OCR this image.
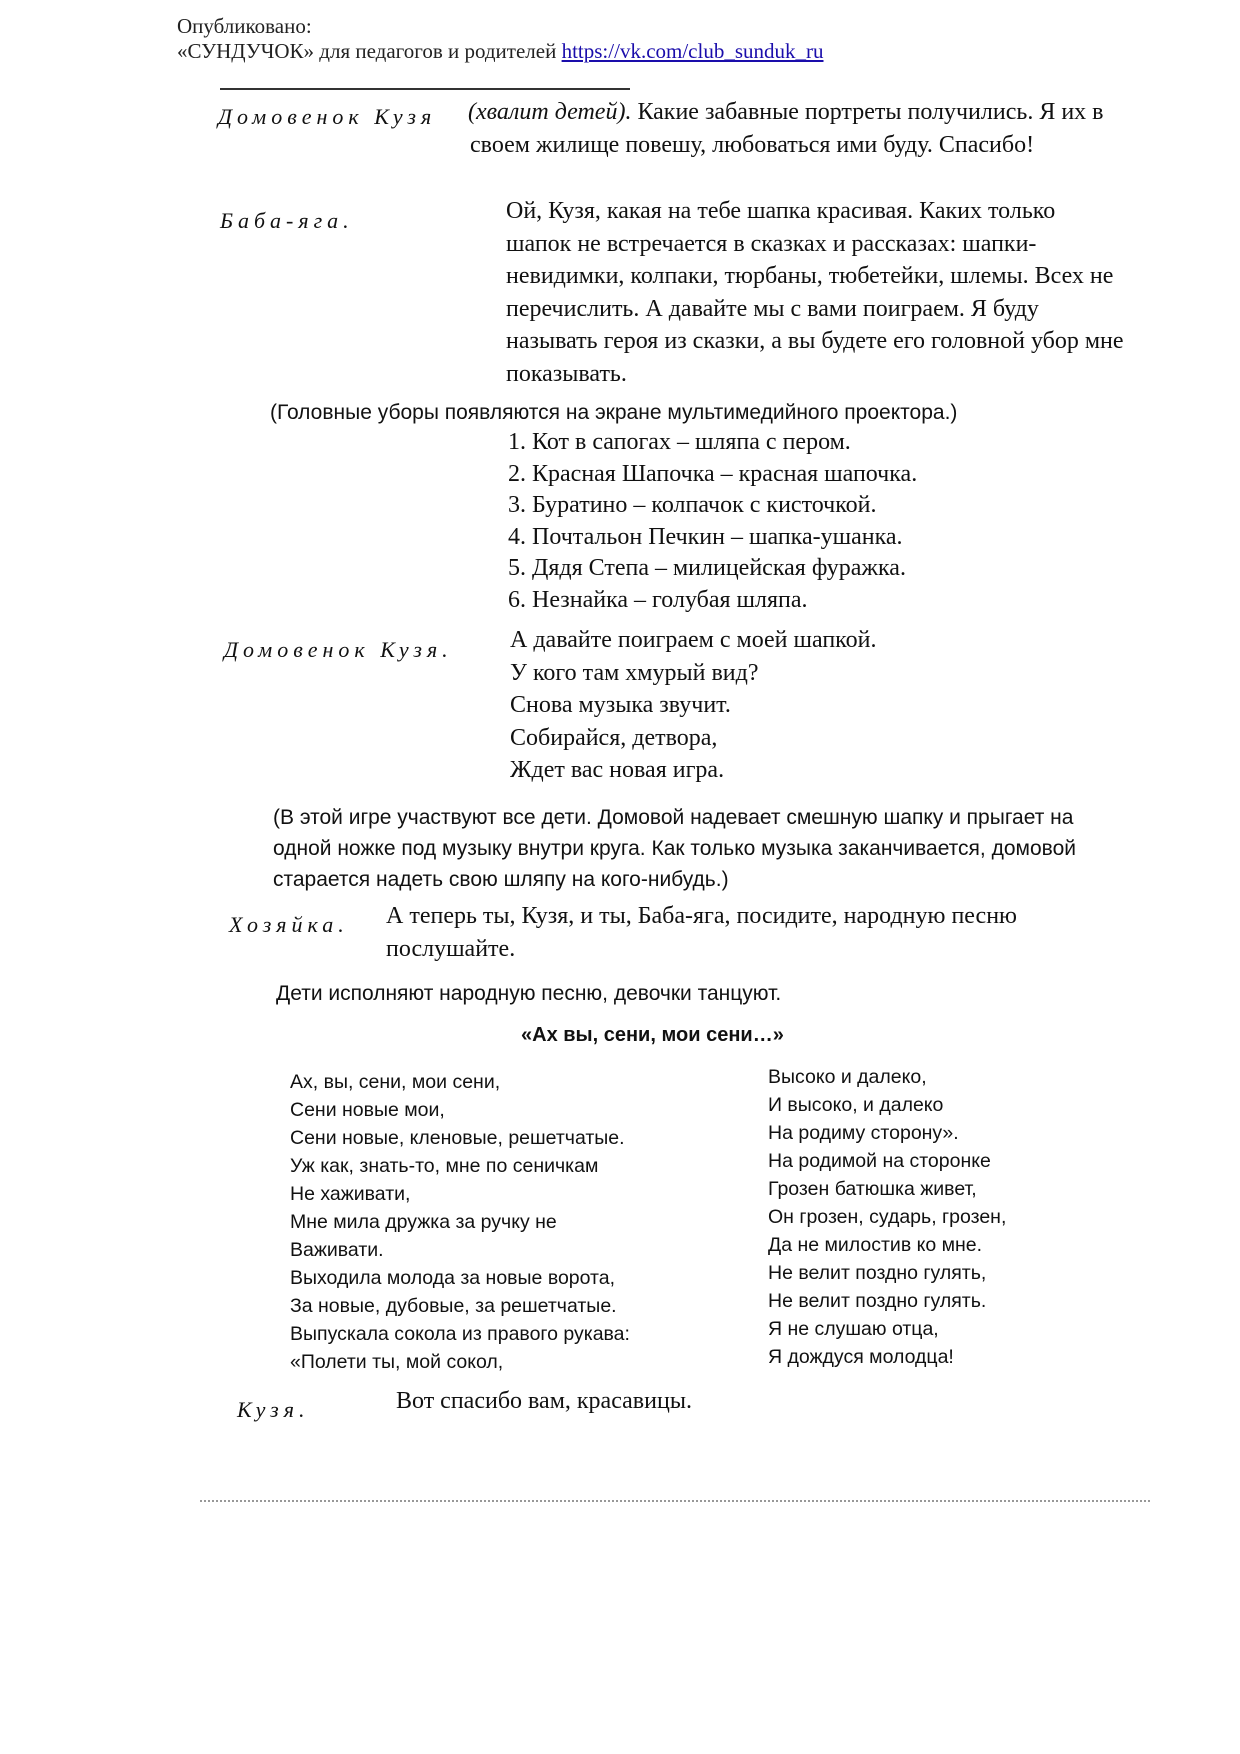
Опубликовано:
«СУНДУЧОК» для педагогов и родителей https://vk.com/club_sunduk_ru
Домовенок Кузя (хвалит детей). Какие забавные портреты получились. Я их в своем жилище повешу, любоваться ими буду. Спасибо!
Баба-яга.	Ой, Кузя, какая на тебе шапка красивая. Каких только шапок не встречается в сказках и рассказах: шапки-невидимки, колпаки, тюрбаны, тюбетейки, шлемы. Всех не перечислить. А давайте мы с вами поиграем. Я буду называть героя из сказки, а вы будете его головной убор мне показывать.
(Головные уборы появляются на экране мультимедийного проектора.)
1. Кот в сапогах – шляпа с пером.
2. Красная Шапочка – красная шапочка.
3. Буратино – колпачок с кисточкой.
4. Почтальон Печкин – шапка-ушанка.
5. Дядя Степа – милицейская фуражка.
6. Незнайка – голубая шляпа.
Домовенок Кузя. А давайте поиграем с моей шапкой.
У кого там хмурый вид?
Снова музыка звучит.
Собирайся, детвора,
Ждет вас новая игра.
(В этой игре участвуют все дети. Домовой надевает смешную шапку и прыгает на одной ножке под музыку внутри круга. Как только музыка заканчивается, домовой старается надеть свою шляпу на кого-нибудь.)
Хозяйка. А теперь ты, Кузя, и ты, Баба-яга, посидите, народную песню послушайте.
Дети исполняют народную песню, девочки танцуют.
«Ах вы, сени, мои сени…»
Ах, вы, сени, мои сени,
Сени новые мои,
Сени новые, кленовые, решетчатые.
Уж как, знать-то, мне по сеничкам
Не хаживати,
Мне мила дружка за ручку не
Важивати.
Выходила молода за новые ворота,
За новые, дубовые, за решетчатые.
Выпускала сокола из правого рукава:
«Полети ты, мой сокол,
Высоко и далеко,
И высоко, и далеко
На родиму сторону».
На родимой на сторонке
Грозен батюшка живет,
Он грозен, сударь, грозен,
Да не милостив ко мне.
Не велит поздно гулять,
Не велит поздно гулять.
Я не слушаю отца,
Я дождуся молодца!
Кузя.	Вот спасибо вам, красавицы.
